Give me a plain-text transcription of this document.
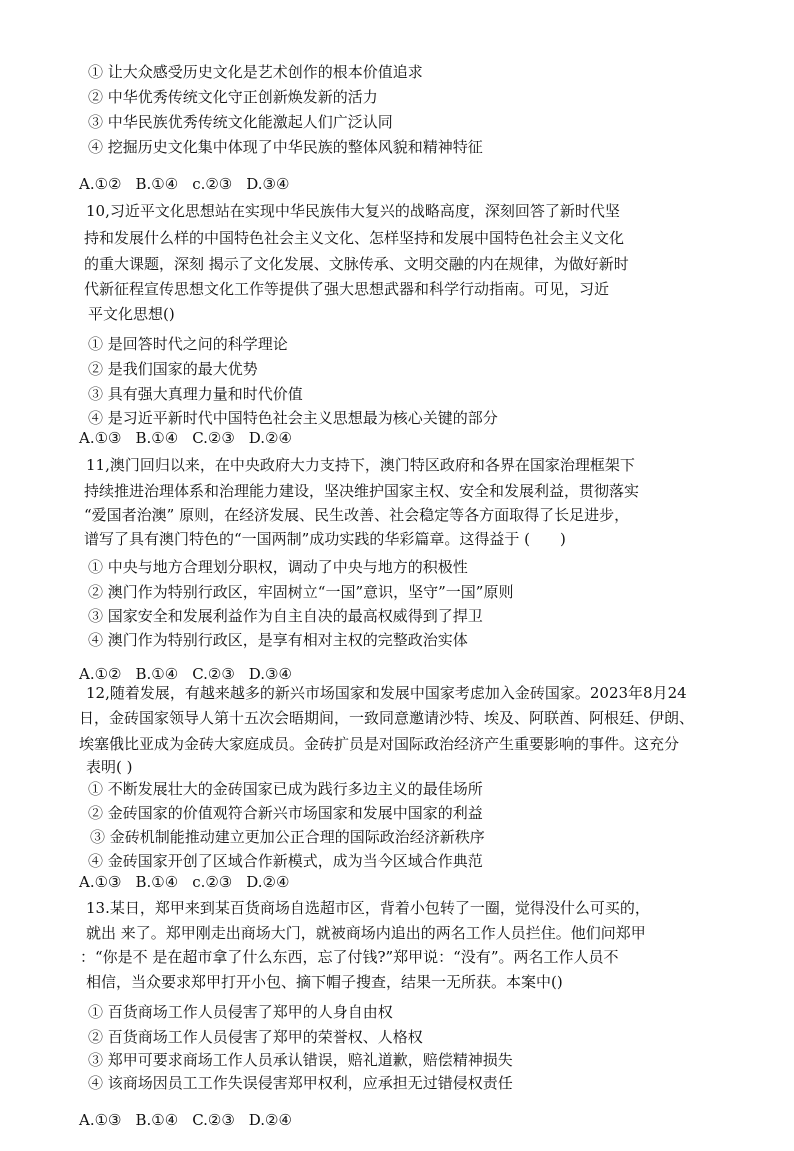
① 让大众感受历史文化是艺术创作的根本价值追求
② 中华优秀传统文化守正创新焕发新的活力
③ 中华民族优秀传统文化能激起人们广泛认同
④ 挖掘历史文化集中体现了中华民族的整体风貌和精神特征
A.①② B.①④ c.②③ D.③④
10,习近平文化思想站在实现中华民族伟大复兴的战略高度，深刻回答了新时代坚
持和发展什么样的中国特色社会主义文化、怎样坚持和发展中国特色社会主义文化
的重大课题，深刻 揭示了文化发展、文脉传承、文明交融的内在规律，为做好新时
代新征程宣传思想文化工作等提供了强大思想武器和科学行动指南。可见，习近
平文化思想()
① 是回答时代之问的科学理论
② 是我们国家的最大优势
③ 具有强大真理力量和时代价值
④ 是习近平新时代中国特色社会主义思想最为核心关键的部分
A.①③ B.①④ C.②③ D.②④
11,澳门回归以来，在中央政府大力支持下，澳门特区政府和各界在国家治理框架下
持续推进治理体系和治理能力建设，坚决维护国家主权、安全和发展利益，贯彻落实
“爱国者治澳” 原则，在经济发展、民生改善、社会稳定等各方面取得了长足进步，
谱写了具有澳门特色的“一国两制”成功实践的华彩篇章。这得益于 (　　)
① 中央与地方合理划分职权，调动了中央与地方的积极性
② 澳门作为特别行政区，牢固树立“一国”意识，坚守”一国”原则
③ 国家安全和发展利益作为自主自决的最高权威得到了捍卫
④ 澳门作为特别行政区，是享有相对主权的完整政治实体
A.①② B.①④ C.②③ D.③④
12,随着发展，有越来越多的新兴市场国家和发展中国家考虑加入金砖国家。2023年8月24
日，金砖国家领导人第十五次会晤期间，一致同意邀请沙特、埃及、阿联酋、阿根廷、伊朗、
埃塞俄比亚成为金砖大家庭成员。金砖扩员是对国际政治经济产生重要影响的事件。这充分
表明( )
① 不断发展壮大的金砖国家已成为践行多边主义的最佳场所
② 金砖国家的价值观符合新兴市场国家和发展中国家的利益
③ 金砖机制能推动建立更加公正合理的国际政治经济新秩序
④ 金砖国家开创了区域合作新模式，成为当今区域合作典范
A.①③ B.①④ c.②③ D.②④
13.某日，郑甲来到某百货商场自选超市区，背着小包转了一圈，觉得没什么可买的，
就出 来了。郑甲刚走出商场大门，就被商场内追出的两名工作人员拦住。他们问郑甲
：“你是不 是在超市拿了什么东西，忘了付钱?”郑甲说：“没有”。两名工作人员不
相信，当众要求郑甲打开小包、摘下帽子搜查，结果一无所获。本案中()
① 百货商场工作人员侵害了郑甲的人身自由权
② 百货商场工作人员侵害了郑甲的荣誉权、人格权
③ 郑甲可要求商场工作人员承认错误，赔礼道歉，赔偿精神损失
④ 该商场因员工工作失误侵害郑甲权利，应承担无过错侵权责任
A.①③ B.①④ C.②③ D.②④
